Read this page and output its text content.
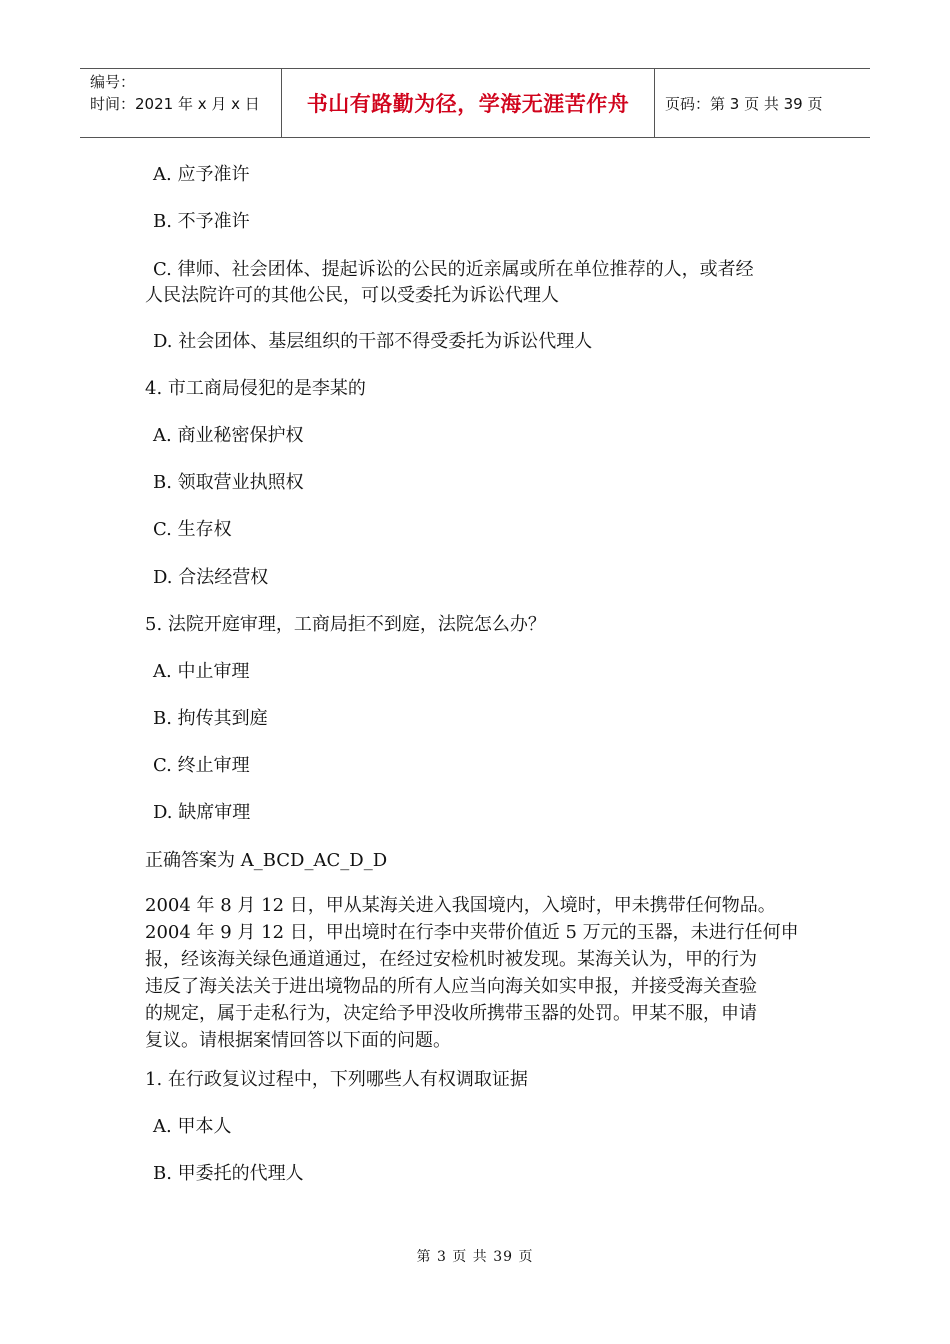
编号：
时间：2021 年 x 月 x 日	书山有路勤为径，学海无涯苦作舟	页码：第 3 页 共 39 页
A. 应予准许
B. 不予准许
C. 律师、社会团体、提起诉讼的公民的近亲属或所在单位推荐的人，或者经
人民法院许可的其他公民，可以受委托为诉讼代理人
D. 社会团体、基层组织的干部不得受委托为诉讼代理人
4. 市工商局侵犯的是李某的
A. 商业秘密保护权
B. 领取营业执照权
C. 生存权
D. 合法经营权
5. 法院开庭审理，工商局拒不到庭，法院怎么办？
A. 中止审理
B. 拘传其到庭
C. 终止审理
D. 缺席审理
正确答案为 A_BCD_AC_D_D

2004 年 8 月 12 日，甲从某海关进入我国境内，入境时，甲未携带任何物品。

2004 年 9 月 12 日，甲出境时在行李中夹带价值近 5 万元的玉器，未进行任何申

报，经该海关绿色通道通过，在经过安检机时被发现。某海关认为，甲的行为

违反了海关法关于进出境物品的所有人应当向海关如实申报，并接受海关查验

的规定，属于走私行为，决定给予甲没收所携带玉器的处罚。甲某不服，申请

复议。请根据案情回答以下面的问题。

1. 在行政复议过程中，下列哪些人有权调取证据
A. 甲本人
B. 甲委托的代理人
第 3 页 共 39 页
